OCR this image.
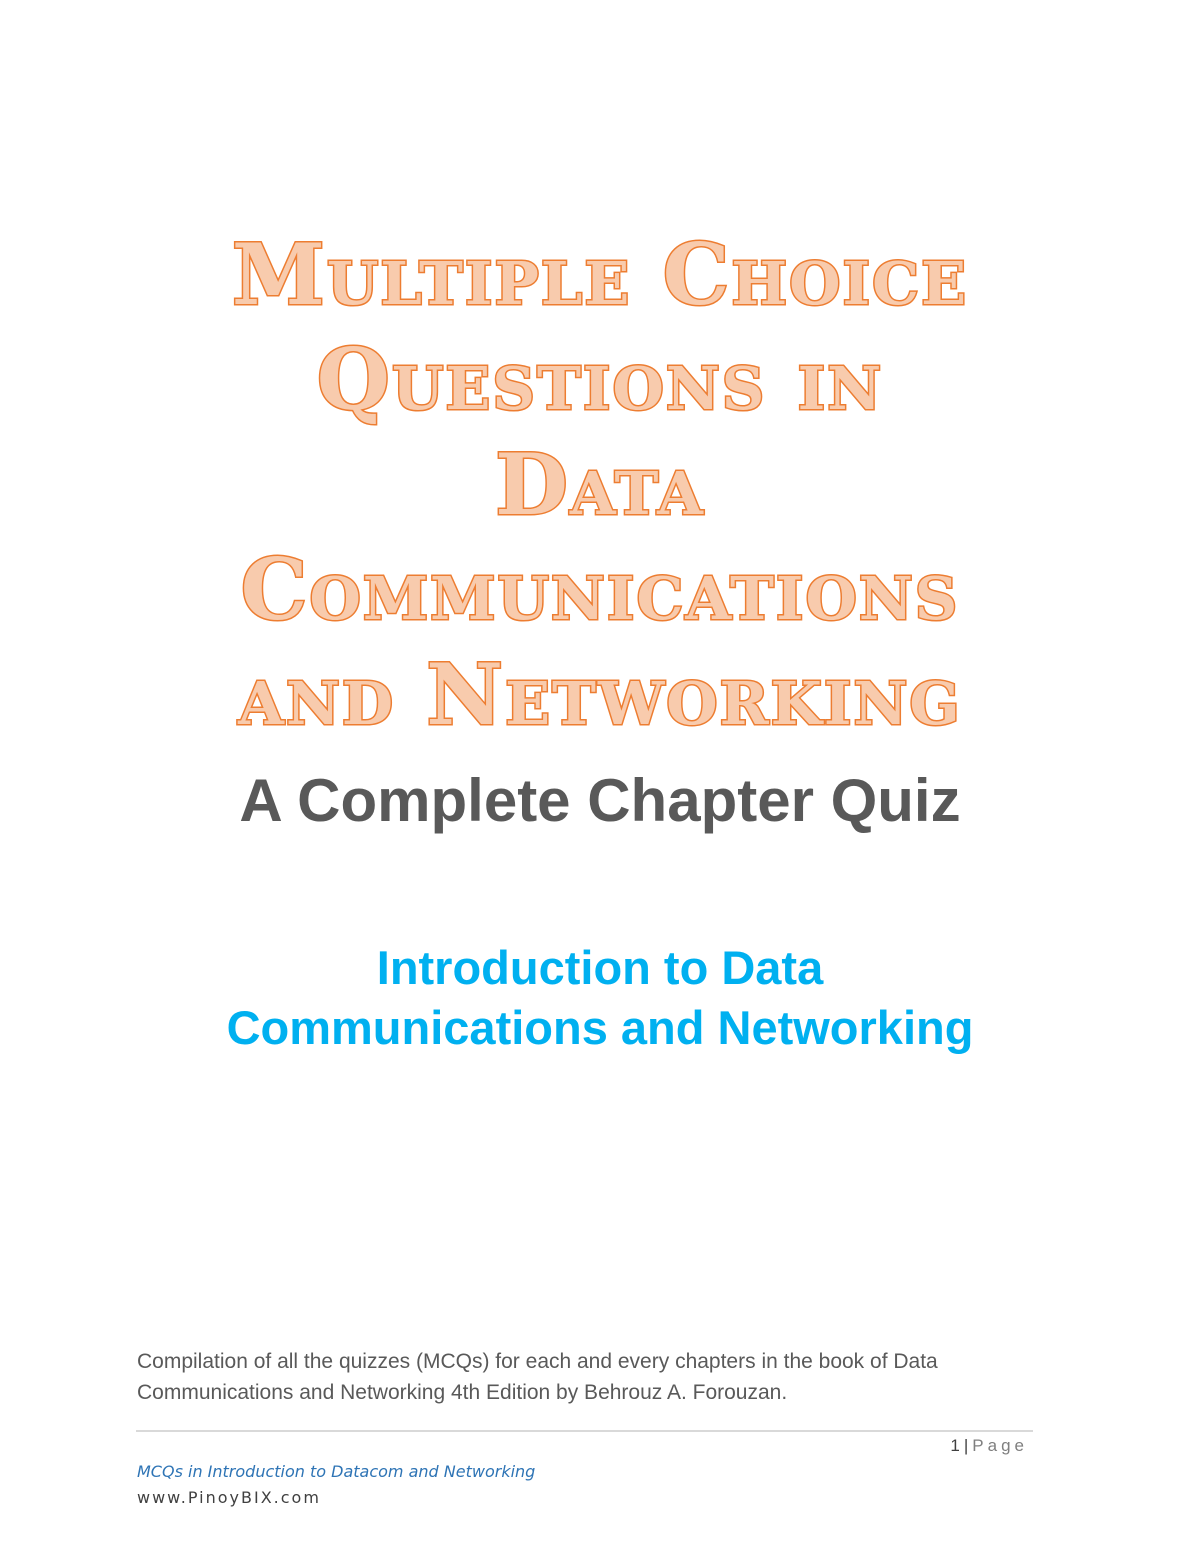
Multiple Choice
Questions in
Data
Communications
and Networking
A Complete Chapter Quiz
Introduction to Data
Communications and Networking
Compilation of all the quizzes (MCQs) for each and every chapters in the book of Data Communications and Networking 4th Edition by Behrouz A. Forouzan.
1 | Page
MCQs in Introduction to Datacom and Networking
www.PinoyBIX.com
